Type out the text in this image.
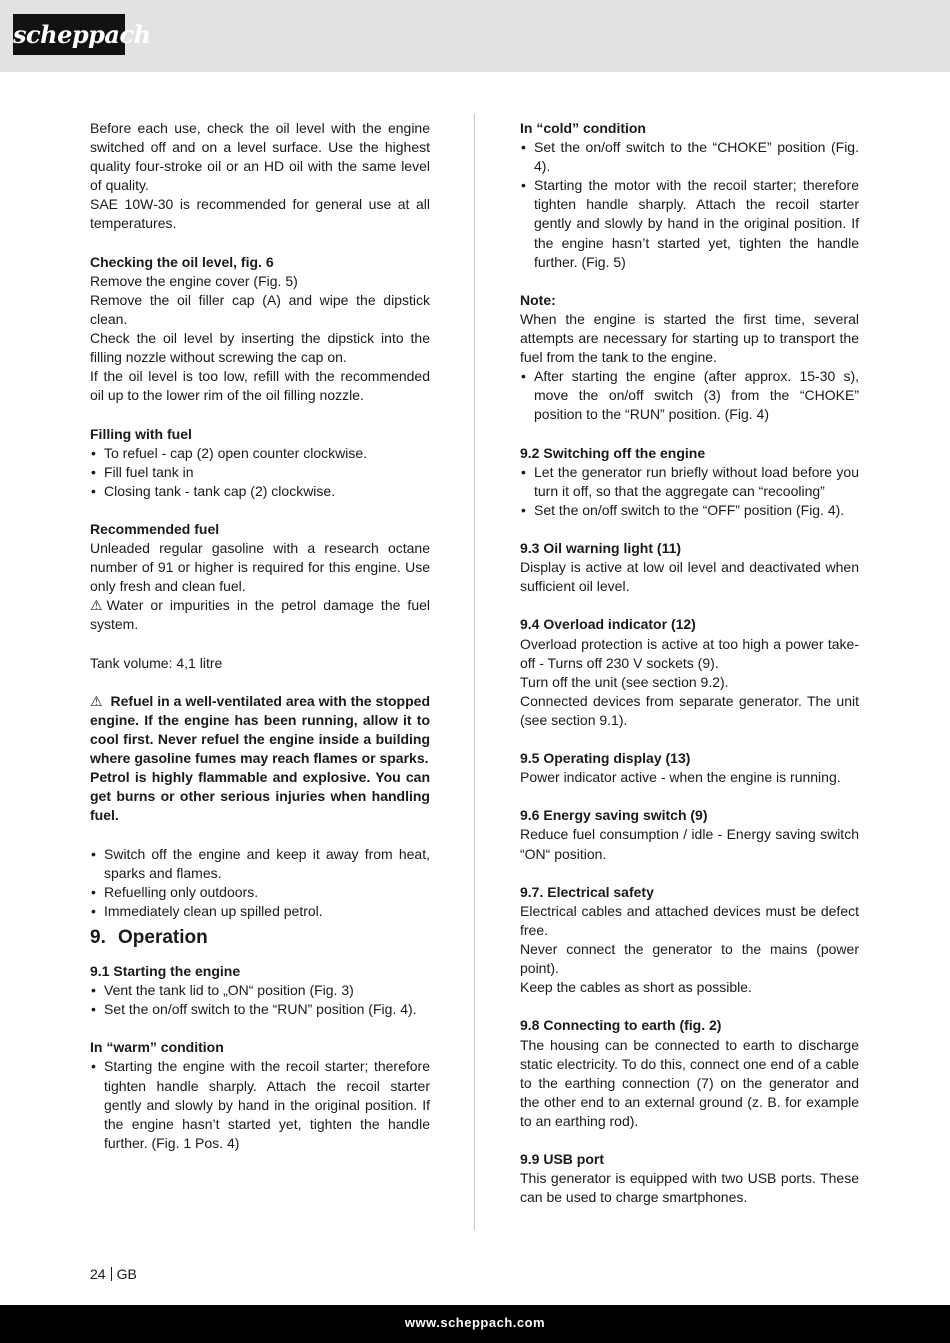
scheppach

Before each use, check the oil level with the engine switched off and on a level surface. Use the highest quality four-stroke oil or an HD oil with the same level of quality.

SAE 10W-30 is recommended for general use at all temperatures.

Checking the oil level, fig. 6

Remove the engine cover (Fig. 5)

Remove the oil filler cap (A) and wipe the dipstick clean.

Check the oil level by inserting the dipstick into the filling nozzle without screwing the cap on.

If the oil level is too low, refill with the recommended oil up to the lower rim of the oil filling nozzle.

Filling with fuel

• To refuel - cap (2) open counter clockwise.
• Fill fuel tank in
• Closing tank - tank cap (2) clockwise.

Recommended fuel

Unleaded regular gasoline with a research octane number of 91 or higher is required for this engine. Use only fresh and clean fuel.

⚠ Water or impurities in the petrol damage the fuel system.

Tank volume: 4,1 litre

⚠ Refuel in a well-ventilated area with the stopped engine. If the engine has been running, allow it to cool first. Never refuel the engine inside a building where gasoline fumes may reach flames or sparks.

Petrol is highly flammable and explosive. You can get burns or other serious injuries when handling fuel.

• Switch off the engine and keep it away from heat, sparks and flames.
• Refuelling only outdoors.
• Immediately clean up spilled petrol.
9. Operation

9.1 Starting the engine

• Vent the tank lid to „ON“ position (Fig. 3)
• Set the on/off switch to the “RUN” position (Fig. 4).

In “warm” condition

• Starting the engine with the recoil starter; therefore tighten handle sharply. Attach the recoil starter gently and slowly by hand in the original position. If the engine hasn’t started yet, tighten the handle further. (Fig. 1 Pos. 4)

In “cold” condition

• Set the on/off switch to the “CHOKE” position (Fig. 4).
• Starting the motor with the recoil starter; therefore tighten handle sharply. Attach the recoil starter gently and slowly by hand in the original position. If the engine hasn’t started yet, tighten the handle further. (Fig. 5)

Note:

When the engine is started the first time, several attempts are necessary for starting up to transport the fuel from the tank to the engine.

• After starting the engine (after approx. 15-30 s), move the on/off switch (3) from the “CHOKE” position to the “RUN” position. (Fig. 4)

9.2 Switching off the engine

• Let the generator run briefly without load before you turn it off, so that the aggregate can “recooling”
• Set the on/off switch to the “OFF” position (Fig. 4).

9.3 Oil warning light (11)

Display is active at low oil level and deactivated when sufficient oil level.

9.4 Overload indicator (12)

Overload protection is active at too high a power take-off - Turns off 230 V sockets (9).

Turn off the unit (see section 9.2).

Connected devices from separate generator. The unit (see section 9.1).

9.5 Operating display (13)

Power indicator active - when the engine is running.

9.6 Energy saving switch (9)

Reduce fuel consumption / idle - Energy saving switch “ON“ position.

9.7. Electrical safety

Electrical cables and attached devices must be defect free.

Never connect the generator to the mains (power point).

Keep the cables as short as possible.

9.8 Connecting to earth (fig. 2)

The housing can be connected to earth to discharge static electricity. To do this, connect one end of a cable to the earthing connection (7) on the generator and the other end to an external ground (z. B. for example to an earthing rod).

9.9 USB port

This generator is equipped with two USB ports. These can be used to charge smartphones.

24 GB
www.scheppach.com
